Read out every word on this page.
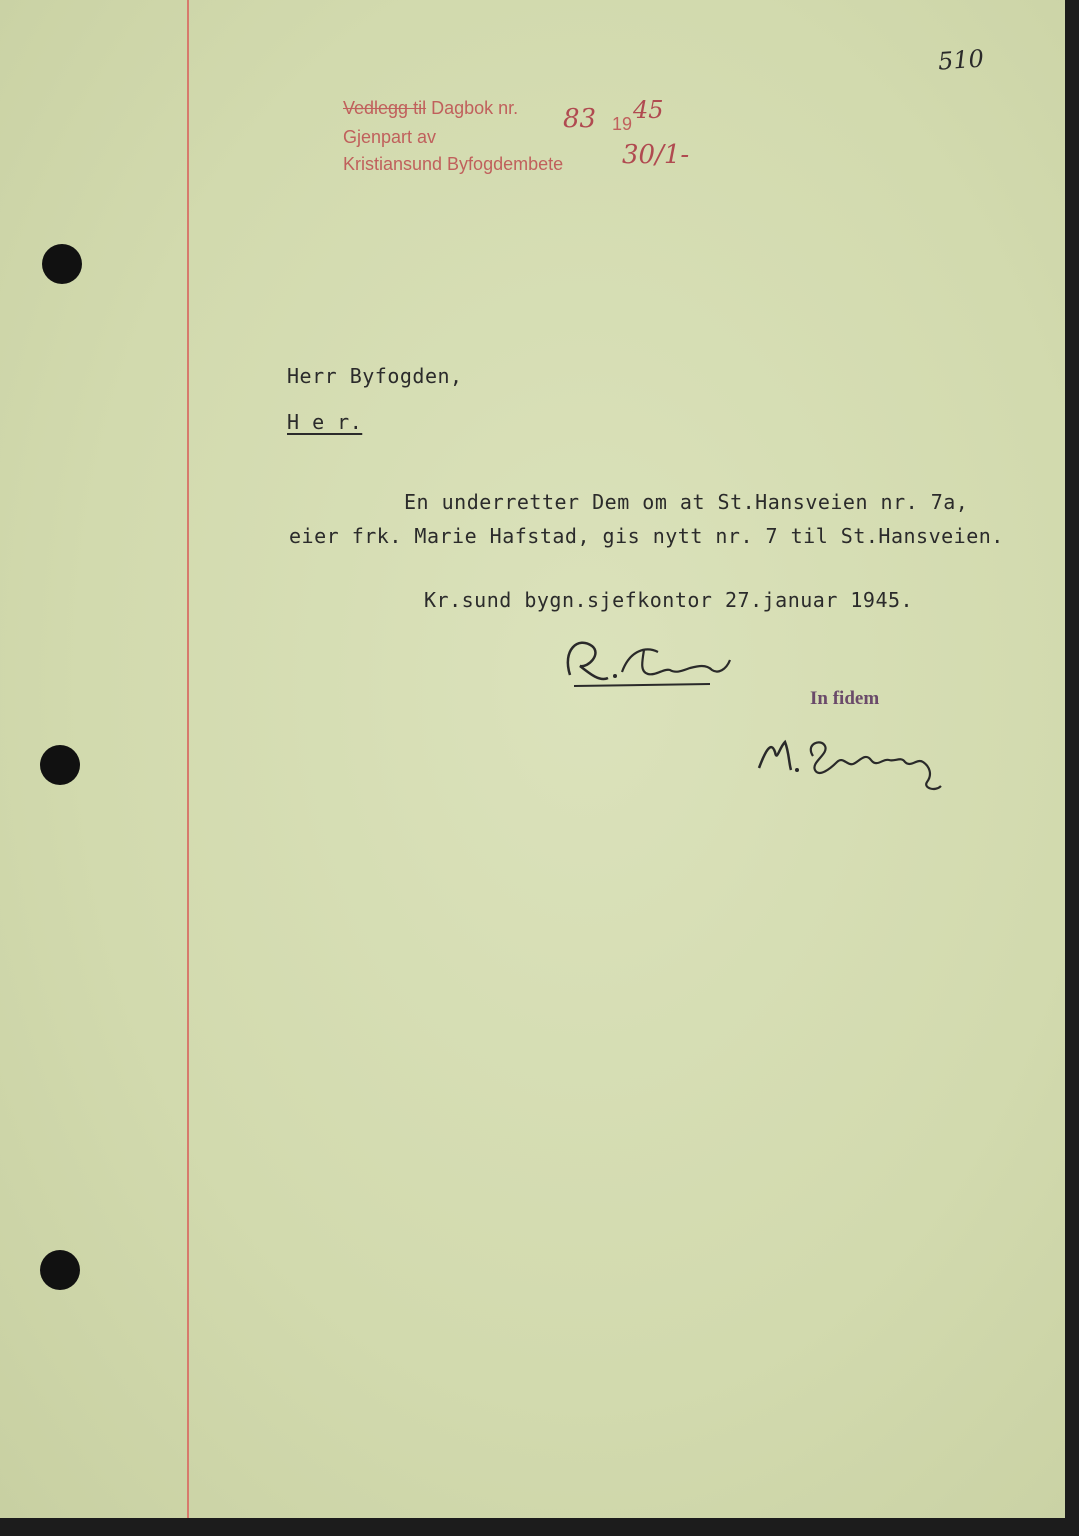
510
Vedlegg til Dagbok nr.
Gjenpart av
Kristiansund Byfogdembete
19
83 45
30/1-
Herr Byfogden,
H e r.
En underretter Dem om at St.Hansveien nr. 7a,
eier frk. Marie Hafstad, gis nytt nr. 7 til St.Hansveien.
Kr.sund bygn.sjefkontor 27.januar 1945.
In fidem
